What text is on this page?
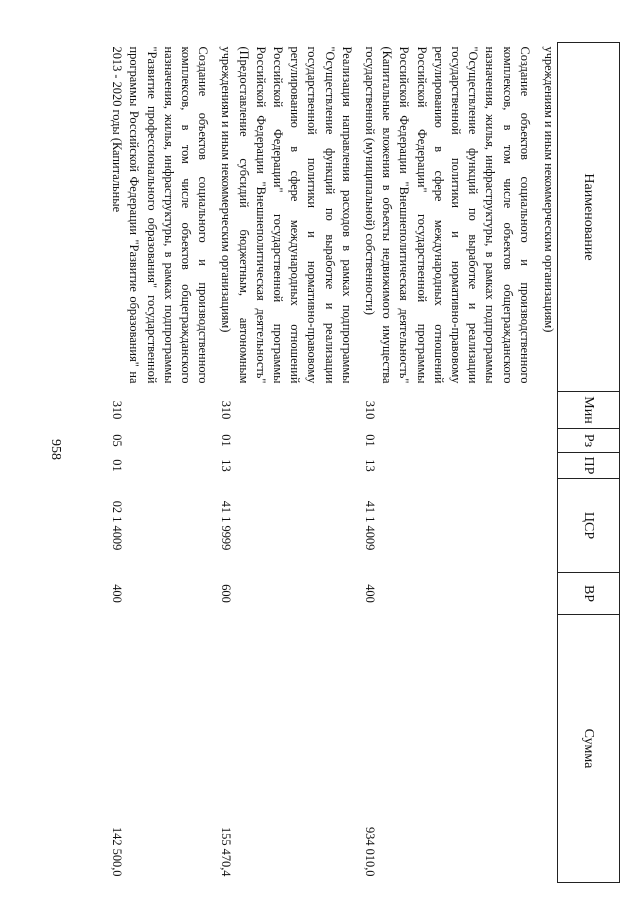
Наименование	Мин	Рз	ПР	ЦСР	ВР	Сумма
учреждениям и иным некоммерческим организациям)						
Создание объектов социального и производственного комплексов, в том числе объектов общегражданского назначения, жилья, инфраструктуры, в рамках подпрограммы "Осуществление функций по выработке и реализации государственной политики и нормативно-правовому регулированию в сфере международных отношений Российской Федерации" государственной программы Российской Федерации "Внешнеполитическая деятельность" (Капитальные вложения в объекты недвижимого имущества государственной (муниципальной) собственности)	310	01	13	41 1 4009	400	934 010,0
Реализация направления расходов в рамках подпрограммы "Осуществление функций по выработке и реализации государственной политики и нормативно-правовому регулированию в сфере международных отношений Российской Федерации" государственной программы Российской Федерации "Внешнеполитическая деятельность" (Предоставление субсидий бюджетным, автономным учреждениям и иным некоммерческим организациям)	310	01	13	41 1 9999	600	155 470,4
Создание объектов социального и производственного комплексов, в том числе объектов общегражданского назначения, жилья, инфраструктуры, в рамках подпрограммы "Развитие профессионального образования" государственной программы Российской Федерации "Развитие образования" на 2013 - 2020 годы (Капитальные	310	05	01	02 1 4009	400	142 500,0
958
